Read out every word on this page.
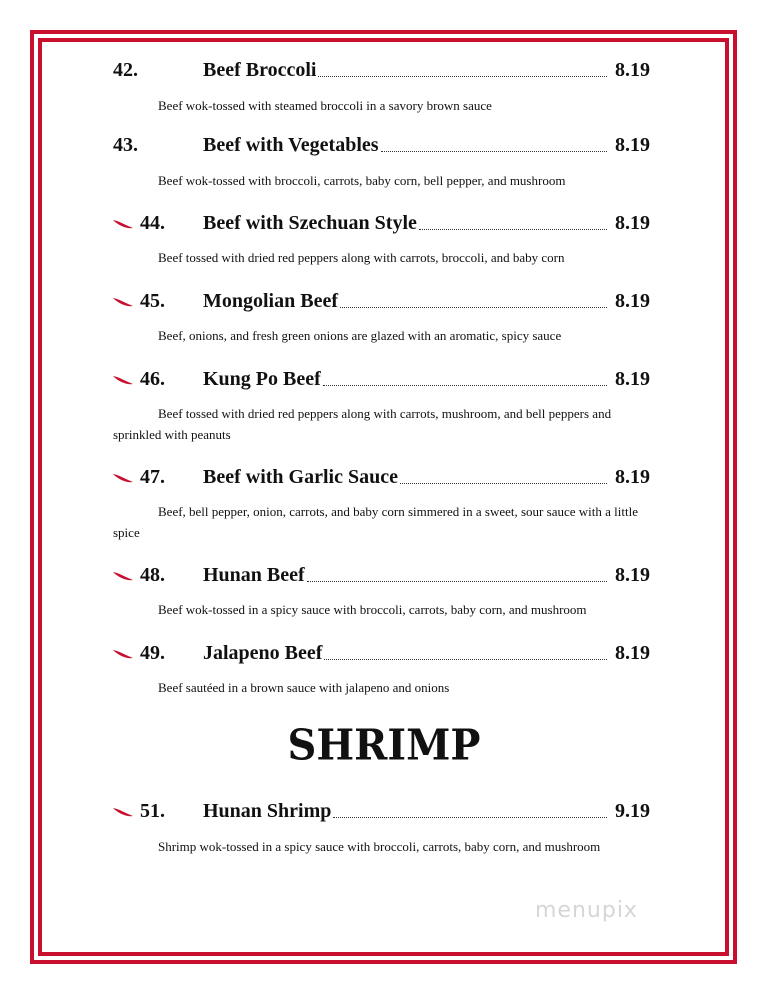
42.	Beef Broccoli	8.19
Beef wok-tossed with steamed broccoli in a savory brown sauce
43.	Beef with Vegetables	8.19
Beef wok-tossed with broccoli, carrots, baby corn, bell pepper, and mushroom
44. Beef with Szechuan Style	8.19
Beef tossed with dried red peppers along with carrots, broccoli, and baby corn
45. Mongolian Beef	8.19
Beef, onions, and fresh green onions are glazed with an aromatic, spicy sauce
46. Kung Po Beef	8.19
Beef tossed with dried red peppers along with carrots, mushroom, and bell peppers and sprinkled with peanuts
47. Beef with Garlic Sauce	8.19
Beef, bell pepper, onion, carrots, and baby corn simmered in a sweet, sour sauce with a little spice
48. Hunan Beef	8.19
Beef wok-tossed in a spicy sauce with broccoli, carrots, baby corn, and mushroom
49. Jalapeno Beef	8.19
Beef sautéed in a brown sauce with jalapeno and onions
SHRIMP
51. Hunan Shrimp	9.19
Shrimp wok-tossed in a spicy sauce with broccoli, carrots, baby corn, and mushroom
menupix
